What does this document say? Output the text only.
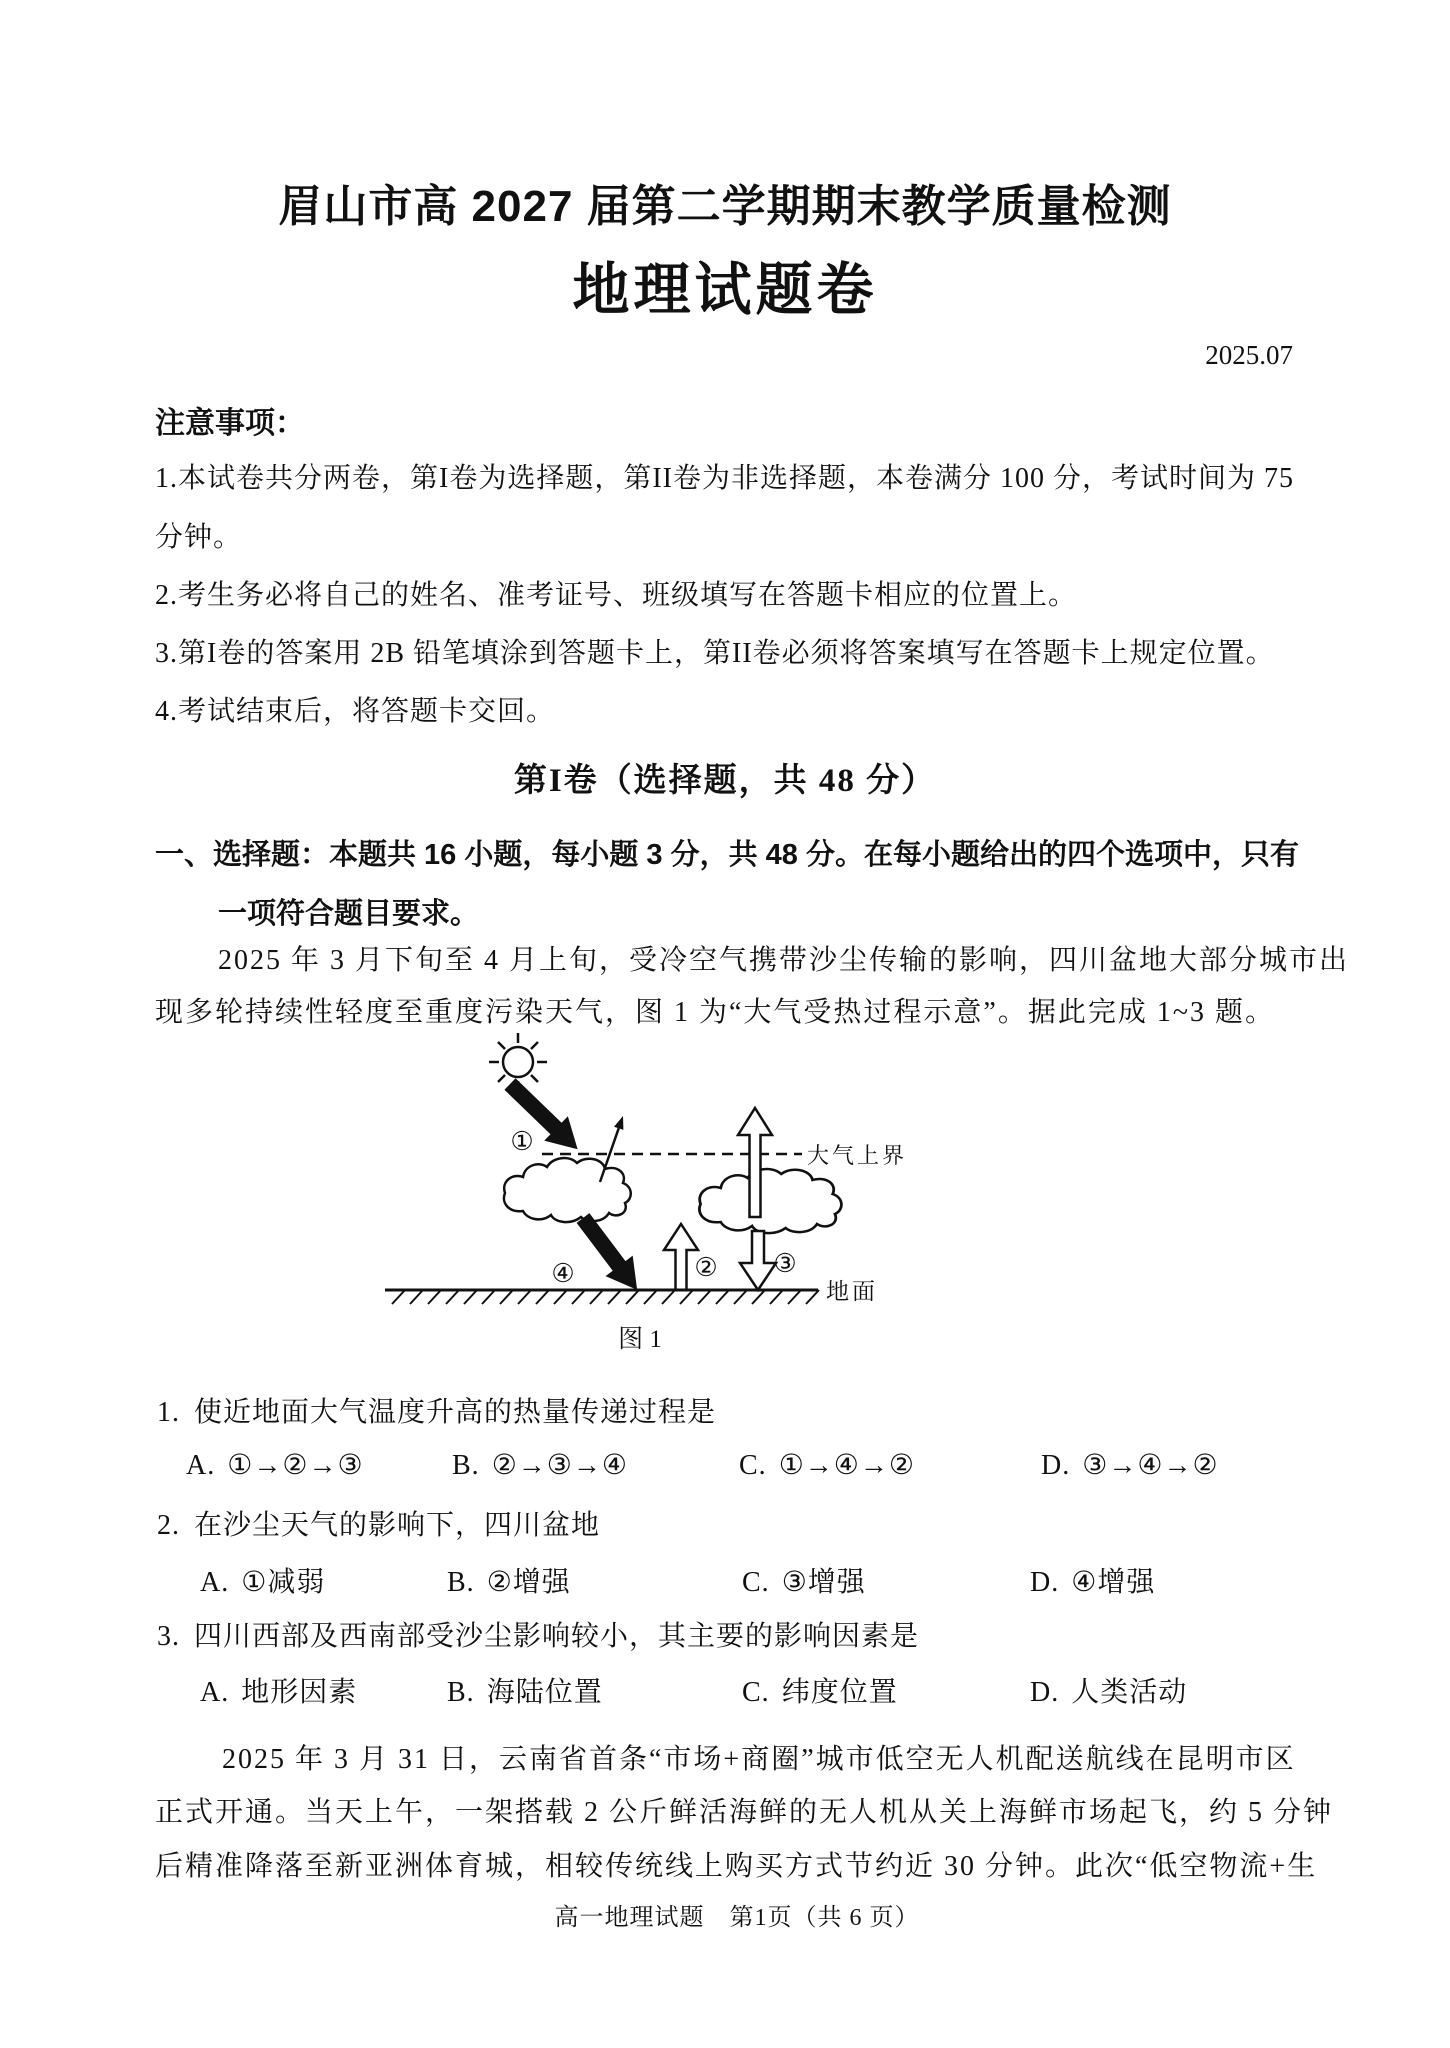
眉山市高 2027 届第二学期期末教学质量检测
地理试题卷
2025.07
注意事项：
1.本试卷共分两卷，第I卷为选择题，第II卷为非选择题，本卷满分 100 分，考试时间为 75
分钟。
2.考生务必将自己的姓名、准考证号、班级填写在答题卡相应的位置上。
3.第I卷的答案用 2B 铅笔填涂到答题卡上，第II卷必须将答案填写在答题卡上规定位置。
4.考试结束后，将答题卡交回。
第I卷（选择题，共 48 分）
一、选择题：本题共 16 小题，每小题 3 分，共 48 分。在每小题给出的四个选项中，只有
一项符合题目要求。
2025 年 3 月下旬至 4 月上旬，受冷空气携带沙尘传输的影响，四川盆地大部分城市出
现多轮持续性轻度至重度污染天气，图 1 为“大气受热过程示意”。据此完成 1~3 题。
①
② ③
④
大气上界
地面
图 1
1. 使近地面大气温度升高的热量传递过程是
A. ①→②→③	B. ②→③→④	C. ①→④→②	D. ③→④→②
2. 在沙尘天气的影响下，四川盆地
A. ①减弱	B. ②增强	C. ③增强	D. ④增强
3. 四川西部及西南部受沙尘影响较小，其主要的影响因素是
A. 地形因素	B. 海陆位置	C. 纬度位置	D. 人类活动
2025 年 3 月 31 日，云南省首条“市场+商圈”城市低空无人机配送航线在昆明市区
正式开通。当天上午，一架搭载 2 公斤鲜活海鲜的无人机从关上海鲜市场起飞，约 5 分钟
后精准降落至新亚洲体育城，相较传统线上购买方式节约近 30 分钟。此次“低空物流+生
高一地理试题　第1页（共 6 页）
